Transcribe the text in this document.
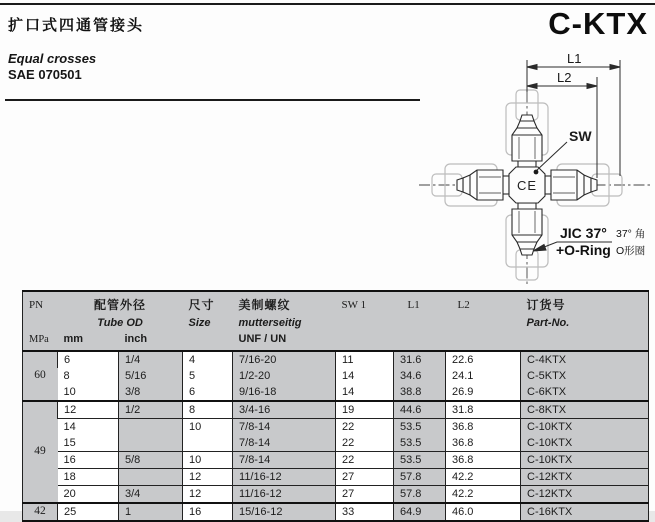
扩口式四通管接头
Equal crosses
SAE 070501
C-KTX
CE
L1
L2
SW
JIC 37° 37° 角
+O-Ring O形圈
PN	配管外径		尺寸	美制螺纹	SW 1	L1	L2	订货号
	Tube OD		Size	mutterseitig				Part-No.
MPa	mm	inch		UNF / UN				
60	6	1/4	4	7/16-20	11	31.6	22.6	C-4KTX
	8	5/16	5	1/2-20	14	34.6	24.1	C-5KTX
	10	3/8	6	9/16-18	14	38.8	26.9	C-6KTX
49	12	1/2	8	3/4-16	19	44.6	31.8	C-8KTX
	14		10	7/8-14	22	53.5	36.8	C-10KTX
	15			7/8-14	22	53.5	36.8	C-10KTX
	16	5/8	10	7/8-14	22	53.5	36.8	C-10KTX
	18		12	11/16-12	27	57.8	42.2	C-12KTX
	20	3/4	12	11/16-12	27	57.8	42.2	C-12KTX
42	25	1	16	15/16-12	33	64.9	46.0	C-16KTX
